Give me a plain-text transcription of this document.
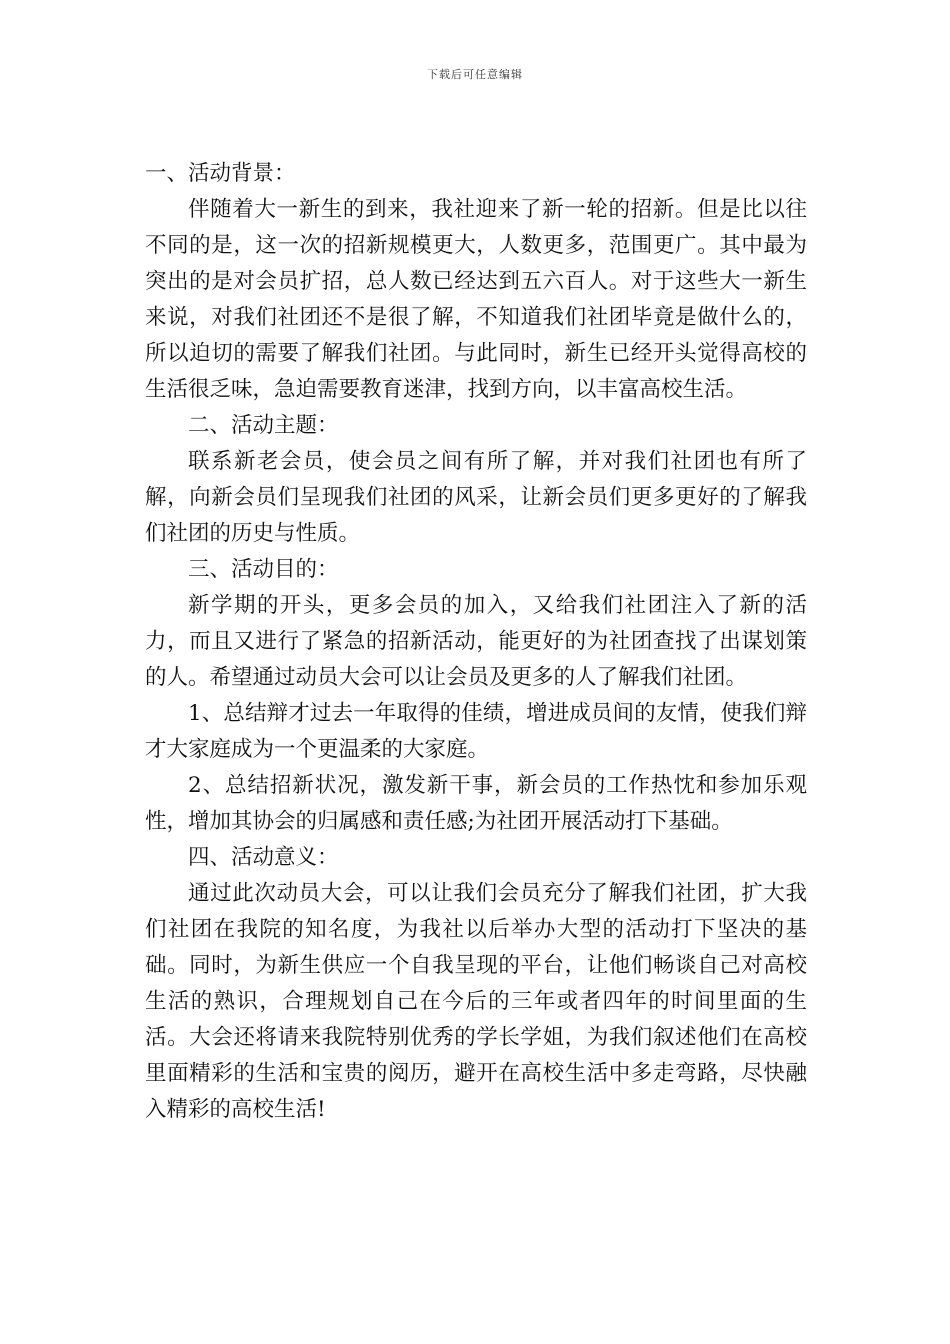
下载后可任意编辑

一、活动背景：

伴随着大一新生的到来，我社迎来了新一轮的招新。但是比以往不同的是，这一次的招新规模更大，人数更多，范围更广。其中最为突出的是对会员扩招，总人数已经达到五六百人。对于这些大一新生来说，对我们社团还不是很了解，不知道我们社团毕竟是做什么的，所以迫切的需要了解我们社团。与此同时，新生已经开头觉得高校的生活很乏味，急迫需要教育迷津，找到方向，以丰富高校生活。

二、活动主题：

联系新老会员，使会员之间有所了解，并对我们社团也有所了解，向新会员们呈现我们社团的风采，让新会员们更多更好的了解我们社团的历史与性质。

三、活动目的：

新学期的开头，更多会员的加入，又给我们社团注入了新的活力，而且又进行了紧急的招新活动，能更好的为社团查找了出谋划策的人。希望通过动员大会可以让会员及更多的人了解我们社团。

1、总结辩才过去一年取得的佳绩，增进成员间的友情，使我们辩才大家庭成为一个更温柔的大家庭。

2、总结招新状况，激发新干事，新会员的工作热忱和参加乐观性，增加其协会的归属感和责任感;为社团开展活动打下基础。

四、活动意义：

通过此次动员大会，可以让我们会员充分了解我们社团，扩大我们社团在我院的知名度，为我社以后举办大型的活动打下坚决的基础。同时，为新生供应一个自我呈现的平台，让他们畅谈自己对高校生活的熟识，合理规划自己在今后的三年或者四年的时间里面的生活。大会还将请来我院特别优秀的学长学姐，为我们叙述他们在高校里面精彩的生活和宝贵的阅历，避开在高校生活中多走弯路，尽快融入精彩的高校生活!
